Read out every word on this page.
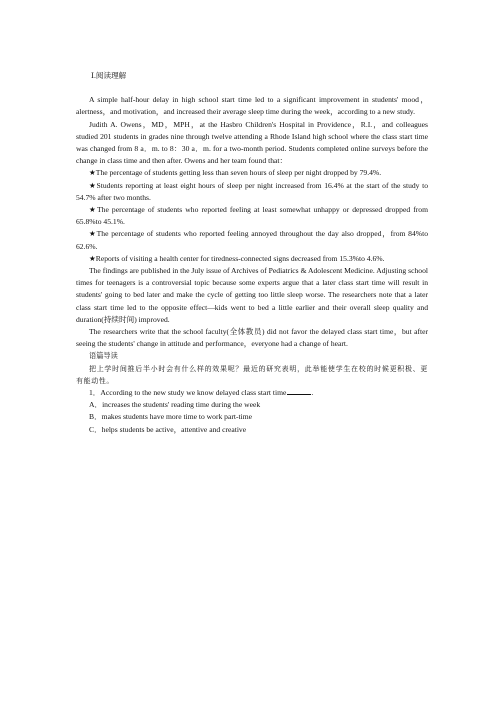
Ⅰ.阅读理解

A simple half-hour delay in high school start time led to a significant improvement in students' mood，alertness，and motivation，and increased their average sleep time during the week，according to a new study.

Judith A. Owens，MD，MPH，at the Hasbro Children's Hospital in Providence，R.I.，and colleagues studied 201 students in grades nine through twelve attending a Rhode Island high school where the class start time was changed from 8 a．m. to 8：30 a．m. for a two-month period. Students completed online surveys before the change in class time and then after. Owens and her team found that：

★The percentage of students getting less than seven hours of sleep per night dropped by 79.4%.

★Students reporting at least eight hours of sleep per night increased from 16.4% at the start of the study to 54.7% after two months.

★The percentage of students who reported feeling at least somewhat unhappy or depressed dropped from 65.8%to 45.1%.

★The percentage of students who reported feeling annoyed throughout the day also dropped，from 84%to 62.6%.

★Reports of visiting a health center for tiredness-connected signs decreased from 15.3%to 4.6%.

The findings are published in the July issue of Archives of Pediatrics & Adolescent Medicine. Adjusting school times for teenagers is a controversial topic because some experts argue that a later class start time will result in students' going to bed later and make the cycle of getting too little sleep worse. The researchers note that a later class start time led to the opposite effect—kids went to bed a little earlier and their overall sleep quality and duration(持续时间) improved.

The researchers write that the school faculty(全体教员) did not favor the delayed class start time，but after seeing the students' change in attitude and performance，everyone had a change of heart.

语篇导读

把上学时间推后半小时会有什么样的效果呢？最近的研究表明，此举能使学生在校的时候更积极、更有能动性。

1．According to the new study we know delayed class start time	.

A．increases the students' reading time during the week

B．makes students have more time to work part-time

C．helps students be active，attentive and creative
